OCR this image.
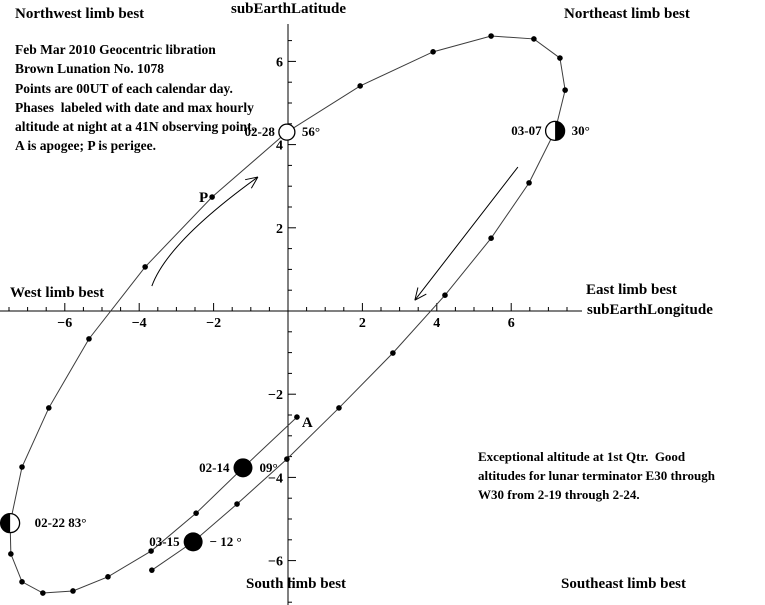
−6	−4	−2	2	4	6
−6
−4
−2
2
4
6
A
P
02-14 09°
02-22 83°
02-28 56°	03-07 30°
03-15 − 12 °
Northwest limb best	subEarthLatitude	Northeast limb best
West limb best	East limb best
subEarthLongitude
South limb best	Southeast limb best
Feb Mar 2010 Geocentric libration
Brown Lunation No. 1078
Points are 00UT of each calendar day.
Phases  labeled with date and max hourly
altitude at night at a 41N observing point.
A is apogee; P is perigee.
Exceptional altitude at 1st Qtr.  Good
altitudes for lunar terminator E30 through
W30 from 2-19 through 2-24.
